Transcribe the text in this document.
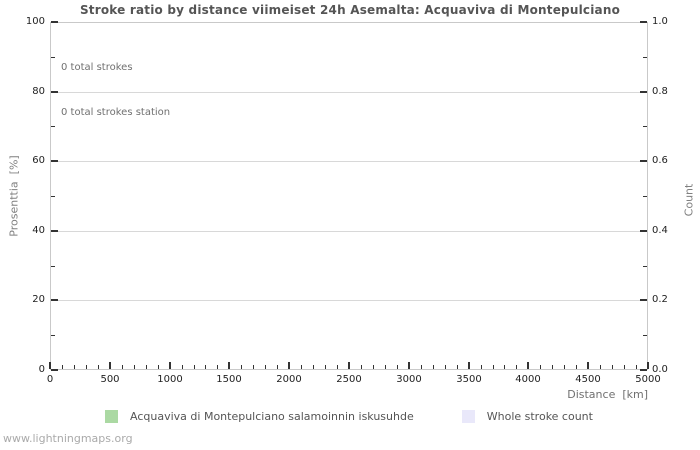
Stroke ratio by distance viimeiset 24h Asemalta: Acquaviva di Montepulciano

0 total strokes

0 total strokes station

Prosenttia  [%]	Count
Distance  [km]
Acquaviva di Montepulciano salamoinnin iskusuhde	Whole stroke count
www.lightningmaps.org
0
20
40
60
80
100
0.0
0.2
0.4
0.6
0.8
1.0
0	500	1000	1500	2000	2500	3000	3500	4000	4500	5000
